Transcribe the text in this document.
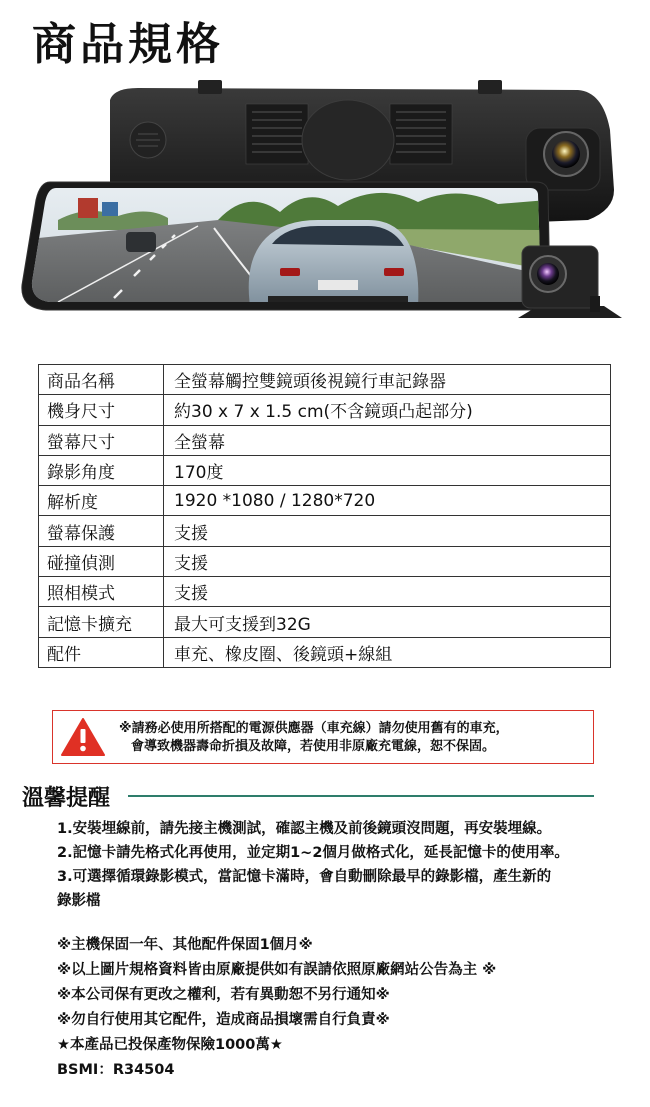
商品規格
商品名稱	全螢幕觸控雙鏡頭後視鏡行車記錄器
機身尺寸	約30 x 7 x 1.5 cm(不含鏡頭凸起部分)
螢幕尺寸	全螢幕
錄影角度	170度
解析度	1920 *1080 / 1280*720
螢幕保護	支援
碰撞偵測	支援
照相模式	支援
記憶卡擴充	最大可支援到32G
配件	車充、橡皮圈、後鏡頭+線組
※請務必使用所搭配的電源供應器（車充線）請勿使用舊有的車充，
會導致機器壽命折損及故障，若使用非原廠充電線，恕不保固。
溫馨提醒
1.安裝埋線前，請先接主機測試，確認主機及前後鏡頭沒問題，再安裝埋線。
2.記憶卡請先格式化再使用，並定期1~2個月做格式化，延長記憶卡的使用率。
3.可選擇循環錄影模式，當記憶卡滿時，會自動刪除最早的錄影檔，產生新的
錄影檔
※主機保固一年、其他配件保固1個月※
※以上圖片規格資料皆由原廠提供如有誤請依照原廠網站公告為主 ※
※本公司保有更改之權利，若有異動恕不另行通知※
※勿自行使用其它配件，造成商品損壞需自行負責※
★本產品已投保產物保險1000萬★
BSMI：R34504
